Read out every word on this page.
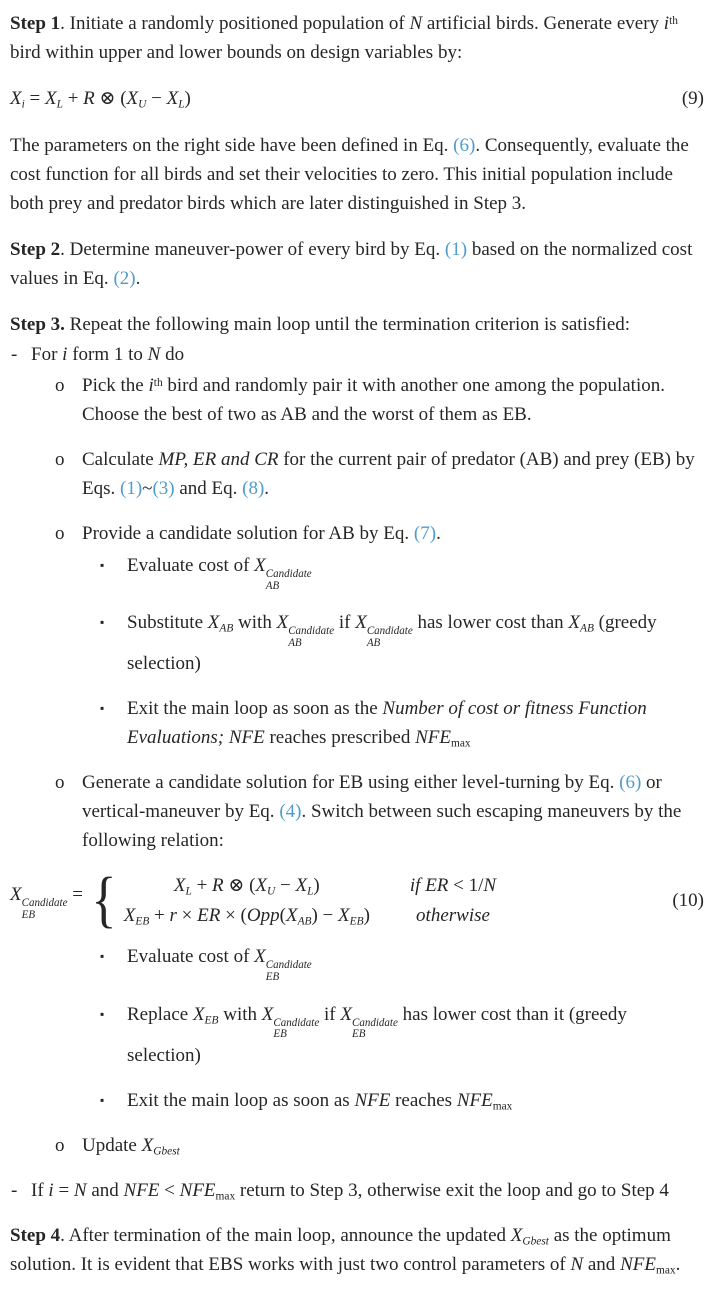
Step 1. Initiate a randomly positioned population of N artificial birds. Generate every $i^{th}$ bird within upper and lower bounds on design variables by:
Xi = XL + R ⊗ (XU − XL)	(9)
The parameters on the right side have been defined in Eq. (6). Consequently, evaluate the cost function for all birds and set their velocities to zero. This initial population include both prey and predator birds which are later distinguished in Step 3.
Step 2. Determine maneuver-power of every bird by Eq. (1) based on the normalized cost values in Eq. (2).
Step 3. Repeat the following main loop until the termination criterion is satisfied:
- For i form 1 to N do
o Pick the $i^{th}$ bird and randomly pair it with another one among the population. Choose the best of two as AB and the worst of them as EB.
o Calculate MP, ER and CR for the current pair of predator (AB) and prey (EB) by Eqs. (1)~(3) and Eq. (8).
o Provide a candidate solution for AB by Eq. (7).
▪ Evaluate cost of X Candidate
AB
▪ Substitute XAB with X Candidate
AB
if X Candidate
AB
has lower cost than XAB (greedy selection)
▪ Exit the main loop as soon as the Number of cost or fitness Function Evaluations; NFE reaches prescribed NFEmax
o Generate a candidate solution for EB using either level-turning by Eq. (6) or vertical-maneuver by Eq. (4). Switch between such escaping maneuvers by the following relation:
X Candidate
EB
= {	XL + R ⊗ (XU − XL)	if ER < 1/N
XEB + r × ER × (Opp(XAB) − XEB)	otherwise
(10)
▪ Evaluate cost of X Candidate
EB
▪ Replace XEB with X Candidate
EB
if X Candidate
EB
has lower cost than it (greedy selection)
▪ Exit the main loop as soon as NFE reaches NFEmax
o Update XGbest
- If i = N and NFE < NFEmax return to Step 3, otherwise exit the loop and go to Step 4
Step 4. After termination of the main loop, announce the updated XGbest as the optimum solution. It is evident that EBS works with just two control parameters of N and NFEmax.
